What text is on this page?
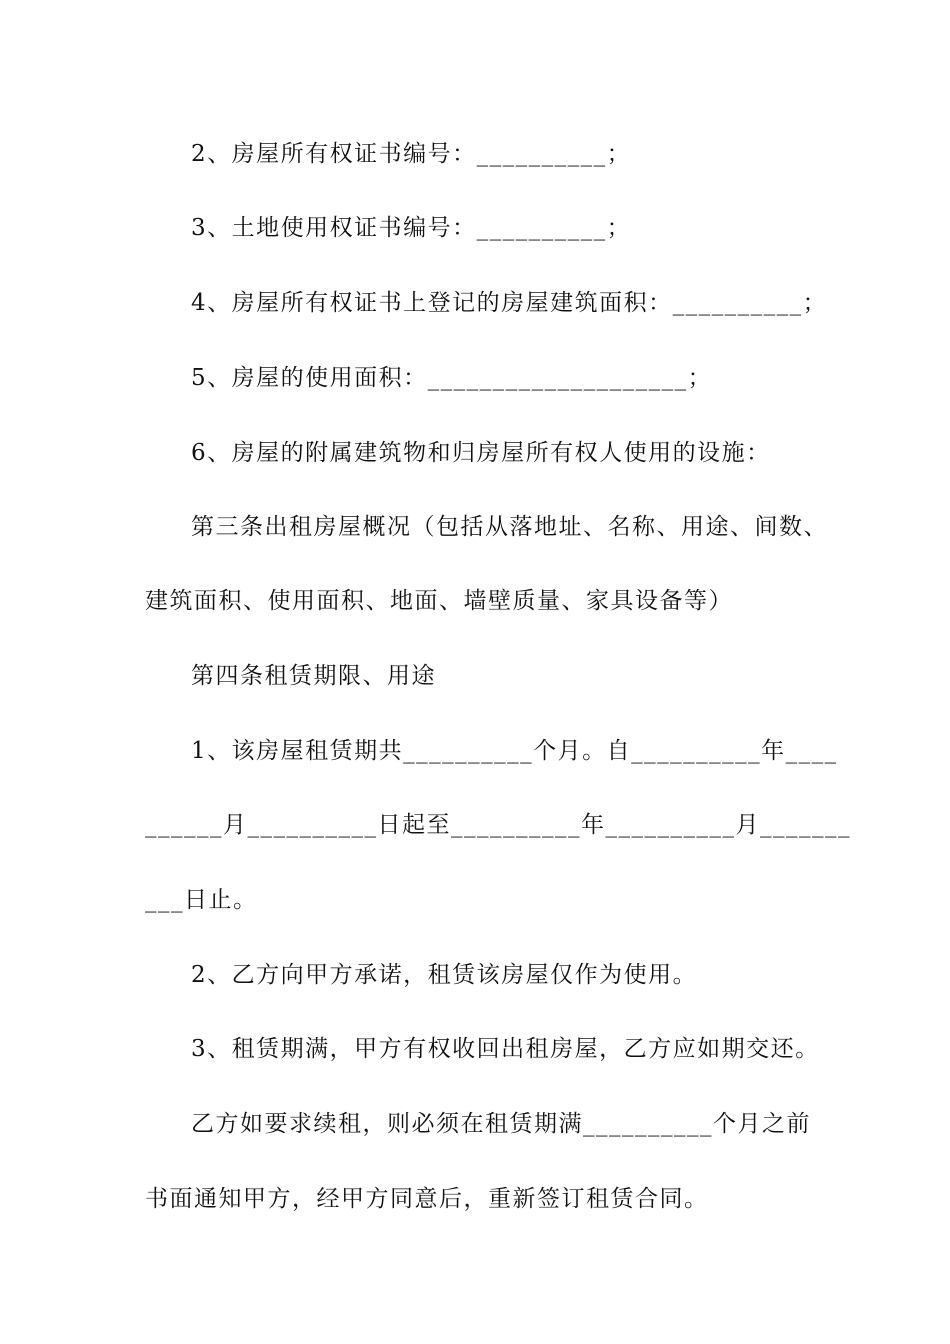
2、房屋所有权证书编号：__________；
3、土地使用权证书编号：__________；
4、房屋所有权证书上登记的房屋建筑面积：__________；
5、房屋的使用面积：____________________；
6、房屋的附属建筑物和归房屋所有权人使用的设施：
第三条出租房屋概况（包括从落地址、名称、用途、间数、
建筑面积、使用面积、地面、墙壁质量、家具设备等）
第四条租赁期限、用途
1、该房屋租赁期共__________个月。自__________年____
______月__________日起至__________年__________月_______
___日止。
2、乙方向甲方承诺，租赁该房屋仅作为使用。
3、租赁期满，甲方有权收回出租房屋，乙方应如期交还。
乙方如要求续租，则必须在租赁期满__________个月之前
书面通知甲方，经甲方同意后，重新签订租赁合同。
